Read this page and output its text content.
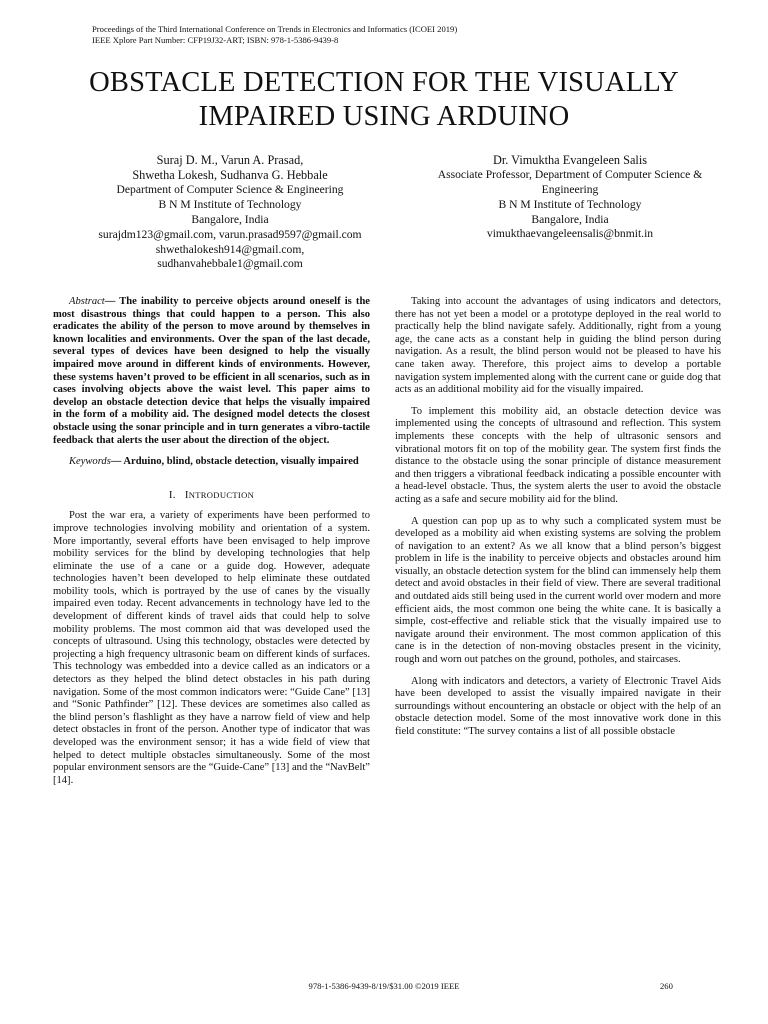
Proceedings of the Third International Conference on Trends in Electronics and Informatics (ICOEI 2019)
IEEE Xplore Part Number: CFP19J32-ART; ISBN: 978-1-5386-9439-8
OBSTACLE DETECTION FOR THE VISUALLY
IMPAIRED USING ARDUINO
Suraj D. M., Varun A. Prasad,
Shwetha Lokesh, Sudhanva G. Hebbale
Department of Computer Science & Engineering
B N M Institute of Technology
Bangalore, India
surajdm123@gmail.com, varun.prasad9597@gmail.com
shwethalokesh914@gmail.com,
sudhanvahebbale1@gmail.com
Dr. Vimuktha Evangeleen Salis
Associate Professor, Department of Computer Science &
Engineering
B N M Institute of Technology
Bangalore, India
vimukthaevangeleensalis@bnmit.in

Abstract— The inability to perceive objects around oneself is the most disastrous things that could happen to a person. This also eradicates the ability of the person to move around by themselves in known localities and environments. Over the span of the last decade, several types of devices have been designed to help the visually impaired move around in different kinds of environments. However, these systems haven’t proved to be efficient in all scenarios, such as in cases involving objects above the waist level. This paper aims to develop an obstacle detection device that helps the visually impaired in the form of a mobility aid. The designed model detects the closest obstacle using the sonar principle and in turn generates a vibro-tactile feedback that alerts the user about the direction of the object.

Keywords— Arduino, blind, obstacle detection, visually impaired

I. INTRODUCTION

Post the war era, a variety of experiments have been performed to improve technologies involving mobility and orientation of a system. More importantly, several efforts have been envisaged to help improve mobility services for the blind by developing technologies that help eliminate the use of a cane or a guide dog. However, adequate technologies haven’t been developed to help eliminate these outdated mobility tools, which is portrayed by the use of canes by the visually impaired even today. Recent advancements in technology have led to the development of different kinds of travel aids that could help to solve mobility problems. The most common aid that was developed used the concepts of ultrasound. Using this technology, obstacles were detected by projecting a high frequency ultrasonic beam on different kinds of surfaces. This technology was embedded into a device called as an indicators or a detectors as they helped the blind detect obstacles in his path during navigation. Some of the most common indicators were: “Guide Cane” [13] and “Sonic Pathfinder” [12]. These devices are sometimes also called as the blind person’s flashlight as they have a narrow field of view and help detect obstacles in front of the person. Another type of indicator that was developed was the environment sensor; it has a wide field of view that helped to detect multiple obstacles simultaneously. Some of the most popular environment sensors are the “Guide-Cane” [13] and the “NavBelt” [14].

Taking into account the advantages of using indicators and detectors, there has not yet been a model or a prototype deployed in the real world to practically help the blind navigate safely. Additionally, right from a young age, the cane acts as a constant help in guiding the blind person during navigation. As a result, the blind person would not be pleased to have his cane taken away. Therefore, this project aims to develop a portable navigation system implemented along with the current cane or guide dog that acts as an additional mobility aid for the visually impaired.

To implement this mobility aid, an obstacle detection device was implemented using the concepts of ultrasound and reflection. This system implements these concepts with the help of ultrasonic sensors and vibrational motors fit on top of the mobility gear. The system first finds the distance to the obstacle using the sonar principle of distance measurement and then triggers a vibrational feedback indicating a possible encounter with a head-level obstacle. Thus, the system alerts the user to avoid the obstacle acting as a safe and secure mobility aid for the blind.

A question can pop up as to why such a complicated system must be developed as a mobility aid when existing systems are solving the problem of navigation to an extent? As we all know that a blind person’s biggest problem in life is the inability to perceive objects and obstacles around him visually, an obstacle detection system for the blind can immensely help them detect and avoid obstacles in their field of view. There are several traditional and outdated aids still being used in the current world over modern and more efficient aids, the most common one being the white cane. It is basically a simple, cost-effective and reliable stick that the visually impaired use to navigate around their environment. The most common application of this cane is in the detection of non-moving obstacles present in the vicinity, rough and worn out patches on the ground, potholes, and staircases.

Along with indicators and detectors, a variety of Electronic Travel Aids have been developed to assist the visually impaired navigate in their surroundings without encountering an obstacle or object with the help of an obstacle detection model. Some of the most innovative work done in this field constitute: “The survey contains a list of all possible obstacle

978-1-5386-9439-8/19/$31.00 ©2019 IEEE	260
